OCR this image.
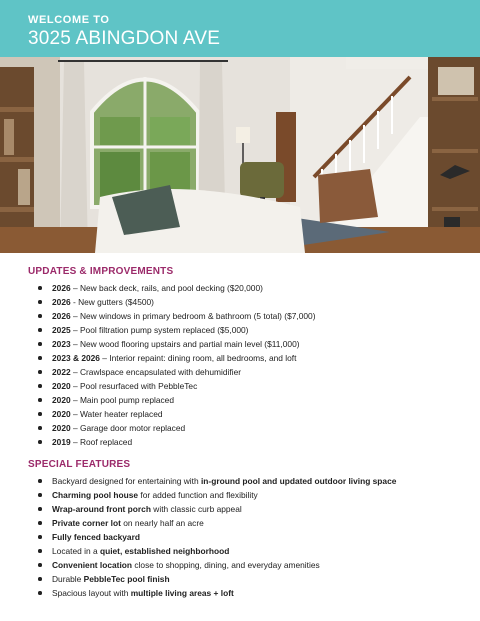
WELCOME TO
3025 ABINGDON AVE
UPDATES & IMPROVEMENTS
2026 – New back deck, rails, and pool decking ($20,000)
2026 - New gutters ($4500)
2026 – New windows in primary bedroom & bathroom (5 total) ($7,000)
2025 – Pool filtration pump system replaced ($5,000)
2023 – New wood flooring upstairs and partial main level ($11,000)
2023 & 2026 – Interior repaint: dining room, all bedrooms, and loft
2022 – Crawlspace encapsulated with dehumidifier
2020 – Pool resurfaced with PebbleTec
2020 – Main pool pump replaced
2020 – Water heater replaced
2020 – Garage door motor replaced
2019 – Roof replaced
SPECIAL FEATURES
Backyard designed for entertaining with in-ground pool and updated outdoor living space
Charming pool house for added function and flexibility
Wrap-around front porch with classic curb appeal
Private corner lot on nearly half an acre
Fully fenced backyard
Located in a quiet, established neighborhood
Convenient location close to shopping, dining, and everyday amenities
Durable PebbleTec pool finish
Spacious layout with multiple living areas + loft
